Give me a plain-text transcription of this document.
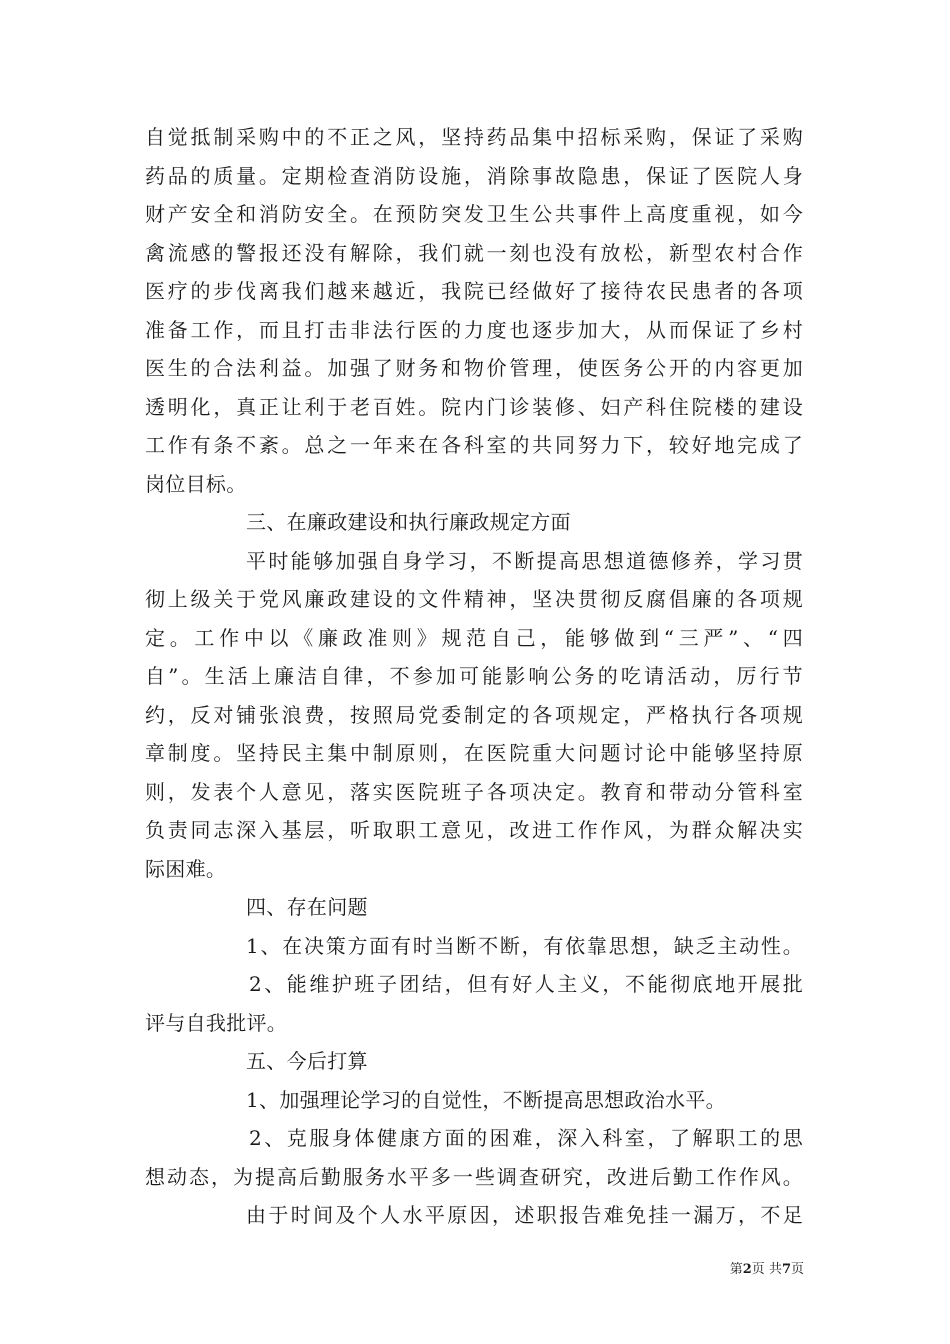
自觉抵制采购中的不正之风，坚持药品集中招标采购，保证了采购
药品的质量。定期检查消防设施，消除事故隐患，保证了医院人身
财产安全和消防安全。在预防突发卫生公共事件上高度重视，如今
禽流感的警报还没有解除，我们就一刻也没有放松，新型农村合作
医疗的步伐离我们越来越近，我院已经做好了接待农民患者的各项
准备工作，而且打击非法行医的力度也逐步加大，从而保证了乡村
医生的合法利益。加强了财务和物价管理，使医务公开的内容更加
透明化，真正让利于老百姓。院内门诊装修、妇产科住院楼的建设
工作有条不紊。总之一年来在各科室的共同努力下，较好地完成了
岗位目标。
三、在廉政建设和执行廉政规定方面
平时能够加强自身学习，不断提高思想道德修养，学习贯
彻上级关于党风廉政建设的文件精神，坚决贯彻反腐倡廉的各项规
定。工作中以《廉政准则》规范自己，能够做到“三严”、“四
自”。生活上廉洁自律，不参加可能影响公务的吃请活动，厉行节
约，反对铺张浪费，按照局党委制定的各项规定，严格执行各项规
章制度。坚持民主集中制原则，在医院重大问题讨论中能够坚持原
则，发表个人意见，落实医院班子各项决定。教育和带动分管科室
负责同志深入基层，听取职工意见，改进工作作风，为群众解决实
际困难。
四、存在问题
1、在决策方面有时当断不断，有依靠思想，缺乏主动性。
2、能维护班子团结，但有好人主义，不能彻底地开展批
评与自我批评。
五、今后打算
1、加强理论学习的自觉性，不断提高思想政治水平。
2、克服身体健康方面的困难，深入科室，了解职工的思
想动态，为提高后勤服务水平多一些调查研究，改进后勤工作作风。
由于时间及个人水平原因，述职报告难免挂一漏万，不足
第2页 共7页
